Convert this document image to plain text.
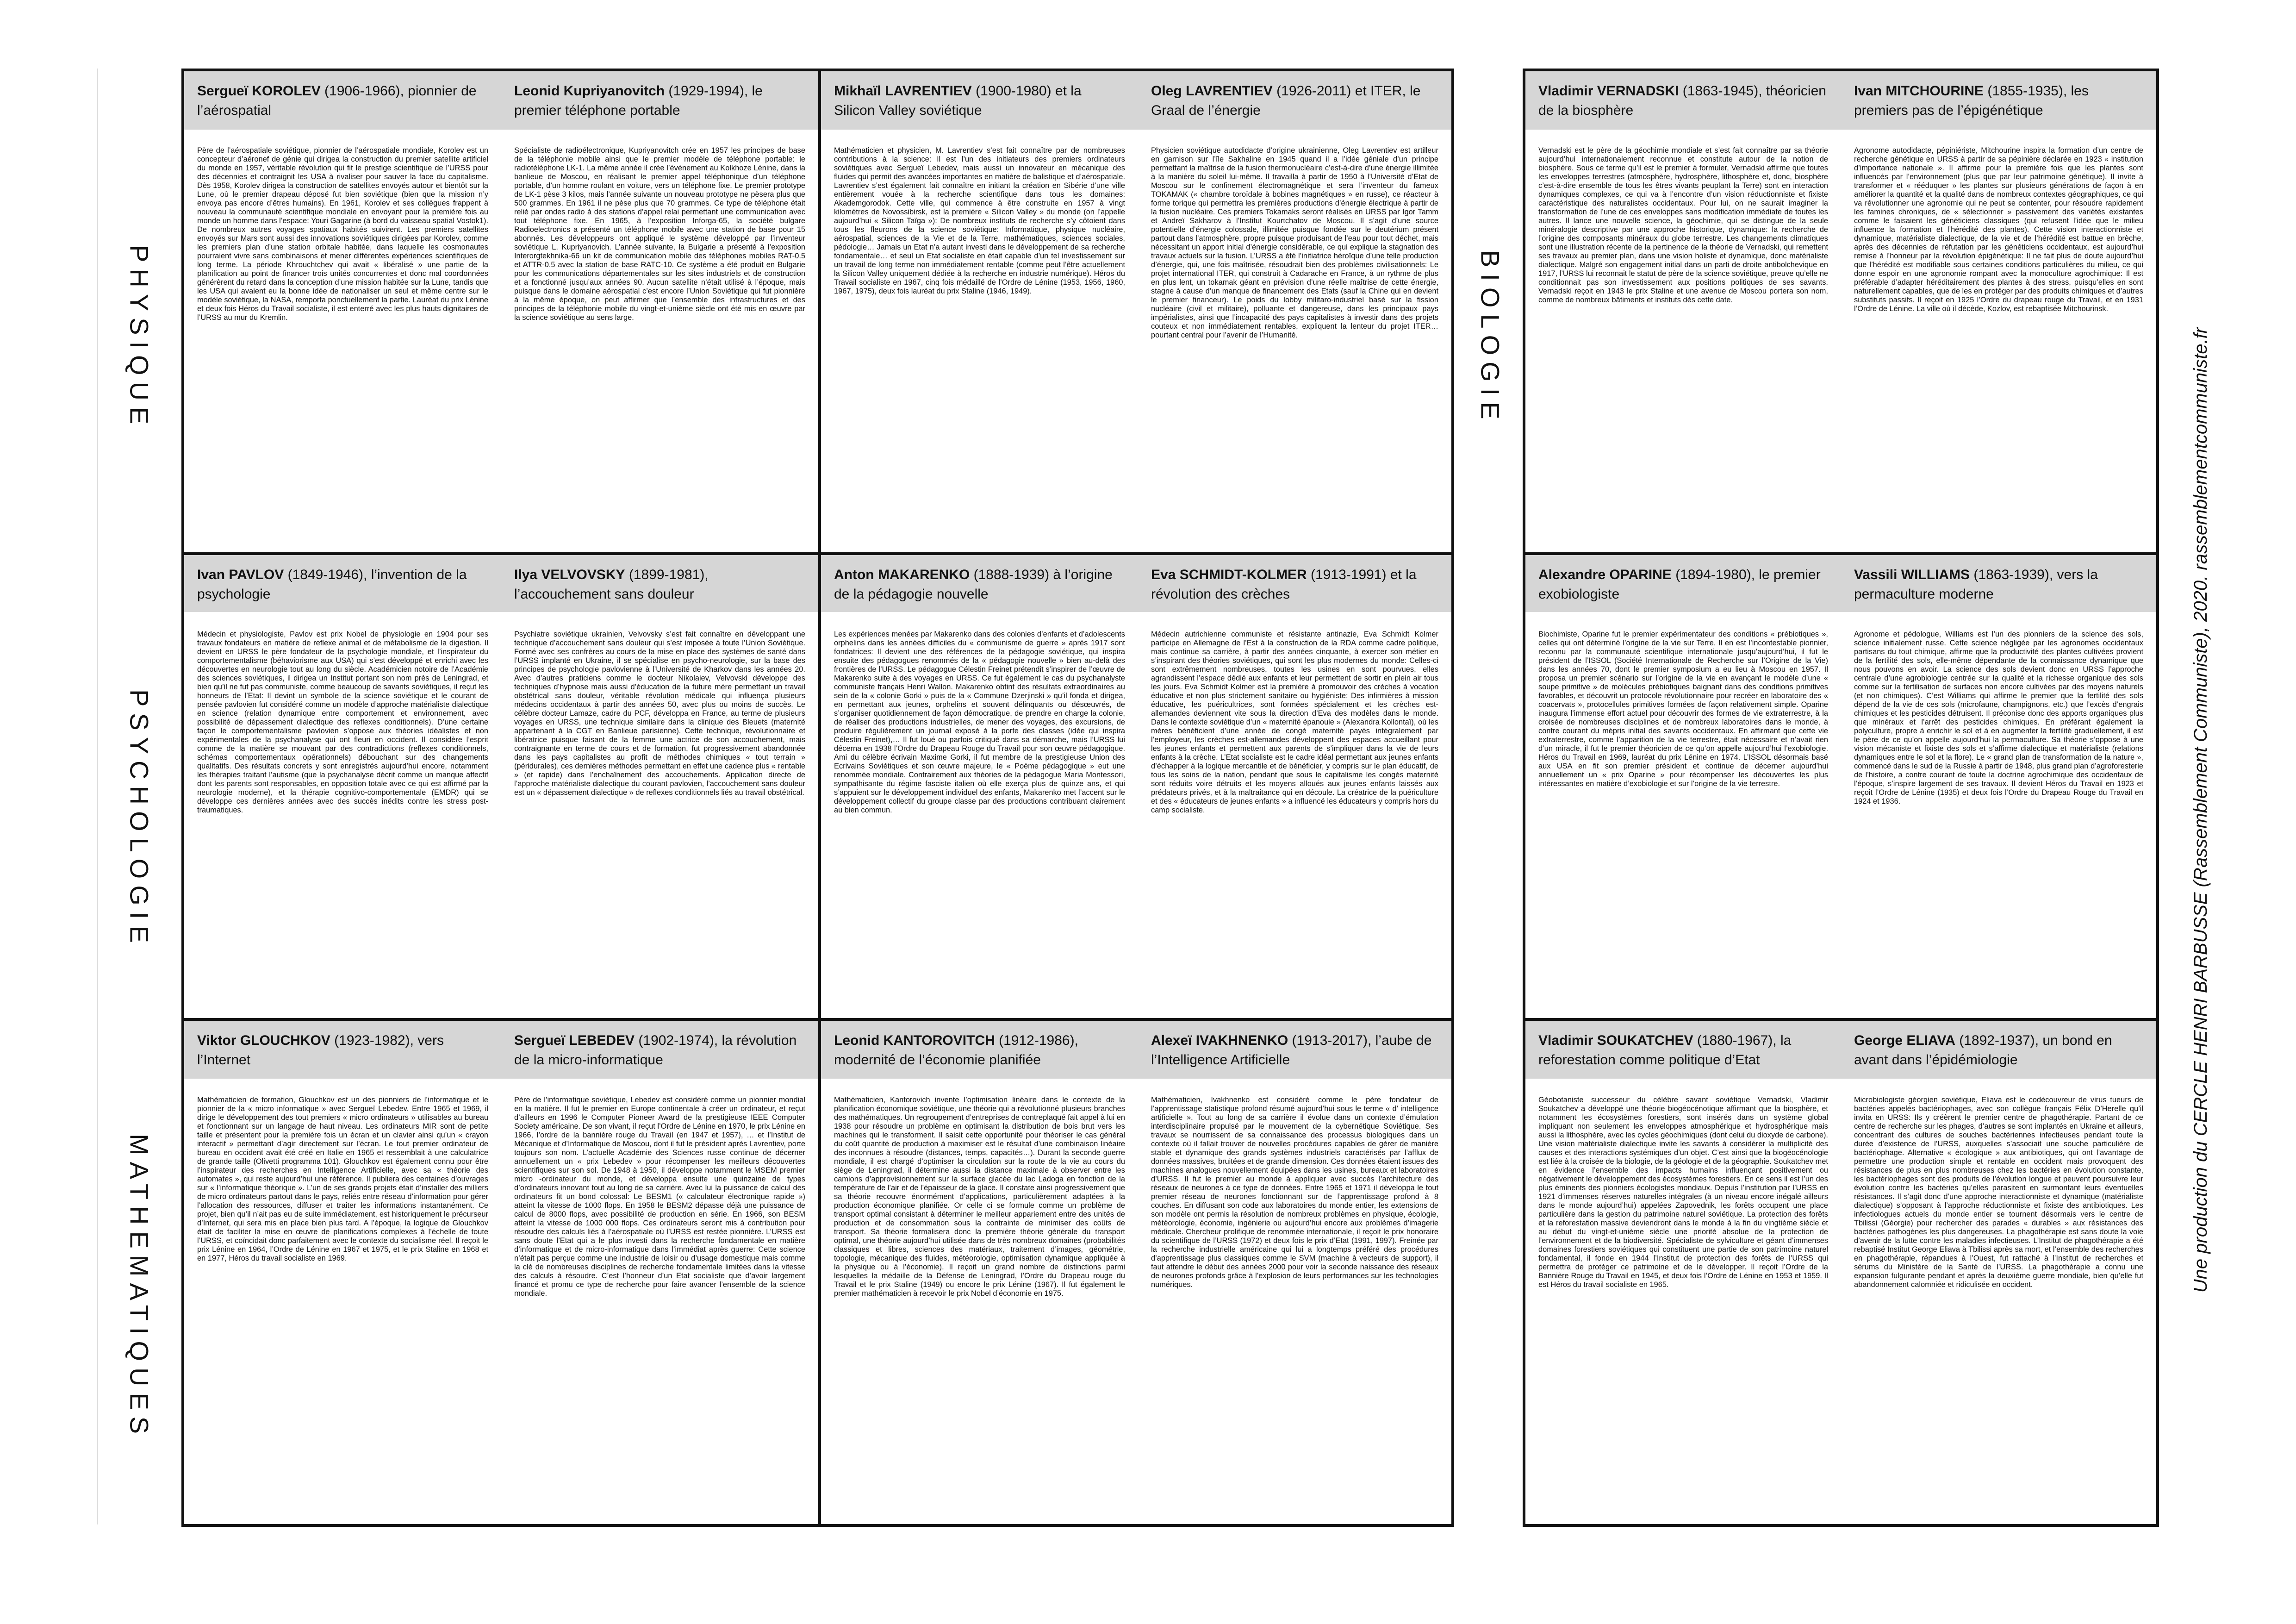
Sergueï KOROLEV (1906-1966), pionnier de l’aérospatial
Père de l’aérospatiale soviétique, pionnier de l’aérospatiale mondiale, Korolev est un concepteur d’aéronef de génie qui dirigea la construction du premier satellite artificiel du monde en 1957, véritable révolution qui fit le prestige scientifique de l’URSS pour des décennies et contraignit les USA à rivaliser pour sauver la face du capitalisme. Dès 1958, Korolev dirigea la construction de satellites envoyés autour et bientôt sur la Lune, où le premier drapeau déposé fut bien soviétique (bien que la mission n’y envoya pas encore d’êtres humains). En 1961, Korolev et ses collègues frappent à nouveau la communauté scientifique mondiale en envoyant pour la première fois au monde un homme dans l’espace: Youri Gagarine (à bord du vaisseau spatial Vostok1). De nombreux autres voyages spatiaux habités suivirent. Les premiers satellites envoyés sur Mars sont aussi des innovations soviétiques dirigées par Korolev, comme les premiers plan d’une station orbitale habitée, dans laquelle les cosmonautes pourraient vivre sans combinaisons et mener différentes expériences scientifiques de long terme. La période Khrouchtchev qui avait « libéralisé » une partie de la planification au point de financer trois unités concurrentes et donc mal coordonnées générèrent du retard dans la conception d’une mission habitée sur la Lune, tandis que les USA qui avaient eu la bonne idée de nationaliser un seul et même centre sur le modèle soviétique, la NASA, remporta ponctuellement la partie. Lauréat du prix Lénine et deux fois Héros du Travail socialiste, il est enterré avec les plus hauts dignitaires de l’URSS au mur du Kremlin.
Leonid Kupriyanovitch (1929-1994), le premier téléphone portable
Spécialiste de radioélectronique, Kupriyanovitch crée en 1957 les principes de base de la téléphonie mobile ainsi que le premier modèle de téléphone portable: le radiotéléphone LK-1. La même année il crée l’événement au Kolkhoze Lénine, dans la banlieue de Moscou, en réalisant le premier appel téléphonique d’un téléphone portable, d’un homme roulant en voiture, vers un téléphone fixe. Le premier prototype de LK-1 pèse 3 kilos, mais l’année suivante un nouveau prototype ne pèsera plus que 500 grammes. En 1961 il ne pèse plus que 70 grammes. Ce type de téléphone était relié par ondes radio à des stations d’appel relai permettant une communication avec tout téléphone fixe. En 1965, à l’exposition Inforga-65, la société bulgare Radioelectronics a présenté un téléphone mobile avec une station de base pour 15 abonnés. Les développeurs ont appliqué le système développé par l’inventeur soviétique L. Kupriyanovich. L’année suivante, la Bulgarie a présenté à l’exposition Interorgtekhnika-66 un kit de communication mobile des téléphones mobiles RAT-0.5 et ATTR-0.5 avec la station de base RATC-10. Ce système a été produit en Bulgarie pour les communications départementales sur les sites industriels et de construction et a fonctionné jusqu’aux années 90. Aucun satellite n’était utilisé à l’époque, mais puisque dans le domaine aérospatial c’est encore l’Union Soviétique qui fut pionnière à la même époque, on peut affirmer que l’ensemble des infrastructures et des principes de la téléphonie mobile du vingt-et-unième siècle ont été mis en œuvre par la science soviétique au sens large.
Mikhaïl LAVRENTIEV (1900-1980) et la Silicon Valley soviétique
Mathématicien et physicien, M. Lavrentiev s’est fait connaître par de nombreuses contributions à la science: Il est l’un des initiateurs des premiers ordinateurs soviétiques avec Sergueï Lebedev, mais aussi un innovateur en mécanique des fluides qui permit des avancées importantes en matière de balistique et d’aérospatiale. Lavrentiev s’est également fait connaître en initiant la création en Sibérie d’une ville entièrement vouée à la recherche scientifique dans tous les domaines: Akademgorodok. Cette ville, qui commence à être construite en 1957 à vingt kilomètres de Novossibirsk, est la première « Silicon Valley » du monde (on l’appelle aujourd’hui « Silicon Taïga »): De nombreux instituts de recherche s’y côtoient dans tous les fleurons de la science soviétique: Informatique, physique nucléaire, aérospatial, sciences de la Vie et de la Terre, mathématiques, sciences sociales, pédologie… Jamais un Etat n’a autant investi dans le développement de sa recherche fondamentale… et seul un Etat socialiste en était capable d’un tel investissement sur un travail de long terme non immédiatement rentable (comme peut l’être actuellement la Silicon Valley uniquement dédiée à la recherche en industrie numérique). Héros du Travail socialiste en 1967, cinq fois médaillé de l’Ordre de Lénine (1953, 1956, 1960, 1967, 1975), deux fois lauréat du prix Staline (1946, 1949).
Oleg LAVRENTIEV (1926-2011) et ITER, le Graal de l’énergie
Physicien soviétique autodidacte d’origine ukrainienne, Oleg Lavrentiev est artilleur en garnison sur l’île Sakhaline en 1945 quand il a l’idée géniale d’un principe permettant la maîtrise de la fusion thermonucléaire c’est-à-dire d’une énergie illimitée à la manière du soleil lui-même. Il travailla à partir de 1950 à l’Université d’Etat de Moscou sur le confinement électromagnétique et sera l’inventeur du fameux TOKAMAK (« chambre toroïdale à bobines magnétiques » en russe), ce réacteur à forme torique qui permettra les premières productions d’énergie électrique à partir de la fusion nucléaire. Ces premiers Tokamaks seront réalisés en URSS par Igor Tamm et Andreï Sakharov à l’Institut Kourtchatov de Moscou. Il s’agit d’une source potentielle d’énergie colossale, illimitée puisque fondée sur le deutérium présent partout dans l’atmosphère, propre puisque produisant de l’eau pour tout déchet, mais nécessitant un apport initial d’énergie considérable, ce qui explique la stagnation des travaux actuels sur la fusion. L’URSS a été l’initiatrice héroïque d’une telle production d’énergie, qui, une fois maîtrisée, résoudrait bien des problèmes civilisationnels: Le projet international ITER, qui construit à Cadarache en France, à un rythme de plus en plus lent, un tokamak géant en prévision d’une réelle maîtrise de cette énergie, stagne à cause d’un manque de financement des Etats (sauf la Chine qui en devient le premier financeur). Le poids du lobby militaro-industriel basé sur la fission nucléaire (civil et militaire), polluante et dangereuse, dans les principaux pays impérialistes, ainsi que l’incapacité des pays capitalistes à investir dans des projets couteux et non immédiatement rentables, expliquent la lenteur du projet ITER… pourtant central pour l’avenir de l’Humanité.
Ivan PAVLOV (1849-1946), l’invention de la psychologie
Médecin et physiologiste, Pavlov est prix Nobel de physiologie en 1904 pour ses travaux fondateurs en matière de reflexe animal et de métabolisme de la digestion. Il devient en URSS le père fondateur de la psychologie mondiale, et l’inspirateur du comportementalisme (béhaviorisme aux USA) qui s’est développé et enrichi avec les découvertes en neurologie tout au long du siècle. Académicien notoire de l’Académie des sciences soviétiques, il dirigea un Institut portant son nom près de Leningrad, et bien qu’il ne fut pas communiste, comme beaucoup de savants soviétiques, il reçut les honneurs de l’Etat: Il devint un symbole de la science soviétique et le courant de pensée pavlovien fut considéré comme un modèle d’approche matérialiste dialectique en science (relation dynamique entre comportement et environnement, avec possibilité de dépassement dialectique des reflexes conditionnels). D’une certaine façon le comportementalisme pavlovien s’oppose aux théories idéalistes et non expérimentales de la psychanalyse qui ont fleuri en occident. Il considère l’esprit comme de la matière se mouvant par des contradictions (reflexes conditionnels, schémas comportementaux opérationnels) débouchant sur des changements qualitatifs. Des résultats concrets y sont enregistrés aujourd’hui encore, notamment les thérapies traitant l’autisme (que la psychanalyse décrit comme un manque affectif dont les parents sont responsables, en opposition totale avec ce qui est affirmé par la neurologie moderne), et la thérapie cognitivo-comportementale (EMDR) qui se développe ces dernières années avec des succès inédits contre les stress post-traumatiques.
Ilya VELVOVSKY (1899-1981), l’accouchement sans douleur
Psychiatre soviétique ukrainien, Velvovsky s’est fait connaître en développant une technique d’accouchement sans douleur qui s’est imposée à toute l’Union Soviétique. Formé avec ses confrères au cours de la mise en place des systèmes de santé dans l’URSS implanté en Ukraine, il se spécialise en psycho-neurologie, sur la base des principes de psychologie pavlovienne à l’Université de Kharkov dans les années 20. Avec d’autres praticiens comme le docteur Nikolaiev, Velvovski développe des techniques d’hypnose mais aussi d’éducation de la future mère permettant un travail obstétrical sans douleur, véritable révolution médicale qui influença plusieurs médecins occidentaux à partir des années 50, avec plus ou moins de succès. Le célèbre docteur Lamaze, cadre du PCF, développa en France, au terme de plusieurs voyages en URSS, une technique similaire dans la clinique des Bleuets (maternité appartenant à la CGT en Banlieue parisienne). Cette technique, révolutionnaire et libératrice puisque faisant de la femme une actrice de son accouchement, mais contraignante en terme de cours et de formation, fut progressivement abandonnée dans les pays capitalistes au profit de méthodes chimiques « tout terrain » (péridurales), ces dernières méthodes permettant en effet une cadence plus « rentable » (et rapide) dans l’enchaînement des accouchements. Application directe de l’approche matérialiste dialectique du courant pavlovien, l’accouchement sans douleur est un « dépassement dialectique » de reflexes conditionnels liés au travail obstétrical.
Anton MAKARENKO (1888-1939) à l’origine de la pédagogie nouvelle
Les expériences menées par Makarenko dans des colonies d’enfants et d’adolescents orphelins dans les années difficiles du « communisme de guerre » après 1917 sont fondatrices: Il devient une des références de la pédagogie soviétique, qui inspira ensuite des pédagogues renommés de la « pédagogie nouvelle » bien au-delà des frontières de l’URSS. Le pédagogue Célestin Freinet prétendit s’inspirer de l’œuvre de Makarenko suite à des voyages en URSS. Ce fut également le cas du psychanalyste communiste français Henri Wallon. Makarenko obtint des résultats extraordinaires au sein de la « colonie Gorki » puis de la « Commune Dzerjinski » qu’il fonda et dirigea, en permettant aux jeunes, orphelins et souvent délinquants ou désœuvrés, de s’organiser quotidiennement de façon démocratique, de prendre en charge la colonie, de réaliser des productions industrielles, de mener des voyages, des excursions, de produire régulièrement un journal exposé à la porte des classes (idée qui inspira Célestin Freinet),… Il fut loué ou parfois critiqué dans sa démarche, mais l’URSS lui décerna en 1938 l’Ordre du Drapeau Rouge du Travail pour son œuvre pédagogique. Ami du célèbre écrivain Maxime Gorki, il fut membre de la prestigieuse Union des Ecrivains Soviétiques et son œuvre majeure, le « Poème pédagogique » eut une renommée mondiale. Contrairement aux théories de la pédagogue Maria Montessori, sympathisante du régime fasciste italien où elle exerça plus de quinze ans, et qui s’appuient sur le développement individuel des enfants, Makarenko met l’accent sur le développement collectif du groupe classe par des productions contribuant clairement au bien commun.
Eva SCHMIDT-KOLMER (1913-1991) et la révolution des crèches
Médecin autrichienne communiste et résistante antinazie, Eva Schmidt Kolmer participe en Allemagne de l’Est à la construction de la RDA comme cadre politique, mais continue sa carrière, à partir des années cinquante, à exercer son métier en s’inspirant des théories soviétiques, qui sont les plus modernes du monde: Celles-ci sont extrêmement nombreuses, toutes les usines en sont pourvues, elles agrandissent l’espace dédié aux enfants et leur permettent de sortir en plein air tous les jours. Eva Schmidt Kolmer est la première à promouvoir des crèches à vocation éducative et non plus strictement sanitaire ou hygiéniste: Des infirmières à mission éducative, les puéricultrices, sont formées spécialement et les crèches est-allemandes deviennent vite sous la direction d’Eva des modèles dans le monde. Dans le contexte soviétique d’un « maternité épanouie » (Alexandra Kollontaï), où les mères bénéficient d’une année de congé maternité payés intégralement par l’employeur, les crèches est-allemandes développent des espaces accueillant pour les jeunes enfants et permettent aux parents de s’impliquer dans la vie de leurs enfants à la crèche. L’Etat socialiste est le cadre idéal permettant aux jeunes enfants d’échapper à la logique mercantile et de bénéficier, y compris sur le plan éducatif, de tous les soins de la nation, pendant que sous le capitalisme les congés maternité sont réduits voire détruits et les moyens alloués aux jeunes enfants laissés aux prédateurs privés, et à la maltraitance qui en découle. La créatrice de la puériculture et des « éducateurs de jeunes enfants » a influencé les éducateurs y compris hors du camp socialiste.
Viktor GLOUCHKOV (1923-1982), vers l’Internet
Mathématicien de formation, Glouchkov est un des pionniers de l’informatique et le pionnier de la « micro informatique » avec Sergueï Lebedev. Entre 1965 et 1969, il dirige le développement des tout premiers « micro ordinateurs » utilisables au bureau et fonctionnant sur un langage de haut niveau. Les ordinateurs MIR sont de petite taille et présentent pour la première fois un écran et un clavier ainsi qu’un « crayon interactif » permettant d’agir directement sur l’écran. Le tout premier ordinateur de bureau en occident avait été créé en Italie en 1965 et ressemblait à une calculatrice de grande taille (Olivetti programma 101). Glouchkov est également connu pour être l’inspirateur des recherches en Intelligence Artificielle, avec sa « théorie des automates », qui reste aujourd’hui une référence. Il publiera des centaines d’ouvrages sur « l’informatique théorique ». L’un de ses grands projets était d’installer des milliers de micro ordinateurs partout dans le pays, reliés entre réseau d’information pour gérer l’allocation des ressources, diffuser et traiter les informations instantanément. Ce projet, bien qu’il n’ait pas eu de suite immédiatement, est historiquement le précurseur d’Internet, qui sera mis en place bien plus tard. A l’époque, la logique de Glouchkov était de faciliter la mise en œuvre de planifications complexes à l’échelle de toute l’URSS, et coïncidait donc parfaitement avec le contexte du socialisme réel. Il reçoit le prix Lénine en 1964, l’Ordre de Lénine en 1967 et 1975, et le prix Staline en 1968 et en 1977, Héros du travail socialiste en 1969.
Sergueï LEBEDEV (1902-1974), la révolution de la micro-informatique
Père de l’informatique soviétique, Lebedev est considéré comme un pionnier mondial en la matière. Il fut le premier en Europe continentale à créer un ordinateur, et reçut d’ailleurs en 1996 le Computer Pioneer Award de la prestigieuse IEEE Computer Society américaine. De son vivant, il reçut l’Ordre de Lénine en 1970, le prix Lénine en 1966, l’ordre de la bannière rouge du Travail (en 1947 et 1957), … et l’Institut de Mécanique et d’Informatique de Moscou, dont il fut le président après Lavrentiev, porte toujours son nom. L’actuelle Académie des Sciences russe continue de décerner annuellement un « prix Lebedev » pour récompenser les meilleurs découvertes scientifiques sur son sol. De 1948 à 1950, il développe notamment le MSEM premier micro -ordinateur du monde, et développa ensuite une quinzaine de types d’ordinateurs innovant tout au long de sa carrière. Avec lui la puissance de calcul des ordinateurs fit un bond colossal: Le BESM1 (« calculateur électronique rapide ») atteint la vitesse de 1000 flops. En 1958 le BESM2 dépasse déjà une puissance de calcul de 8000 flops, avec possibilité de production en série. En 1966, son BESM atteint la vitesse de 1000 000 flops. Ces ordinateurs seront mis à contribution pour résoudre des calculs liés à l’aérospatiale où l’URSS est restée pionnière. L’URSS est sans doute l’Etat qui a le plus investi dans la recherche fondamentale en matière d’informatique et de micro-informatique dans l’immédiat après guerre: Cette science n’était pas perçue comme une industrie de loisir ou d’usage domestique mais comme la clé de nombreuses disciplines de recherche fondamentale limitées dans la vitesse des calculs à résoudre. C’est l’honneur d’un Etat socialiste que d’avoir largement financé et promu ce type de recherche pour faire avancer l’ensemble de la science mondiale.
Leonid KANTOROVITCH (1912-1986), modernité de l’économie planifiée
Mathématicien, Kantorovich invente l’optimisation linéaire dans le contexte de la planification économique soviétique, une théorie qui a révolutionné plusieurs branches des mathématiques. Un regroupement d’entreprises de contreplaqué fait appel à lui en 1938 pour résoudre un problème en optimisant la distribution de bois brut vers les machines qui le transforment. Il saisit cette opportunité pour théoriser le cas général du coût quantité de production à maximiser est le résultat d’une combinaison linéaire des inconnues à résoudre (distances, temps, capacités…). Durant la seconde guerre mondiale, il est chargé d’optimiser la circulation sur la route de la vie au cours du siège de Leningrad, il détermine aussi la distance maximale à observer entre les camions d’approvisionnement sur la surface glacée du lac Ladoga en fonction de la température de l’air et de l’épaisseur de la glace. Il constate ainsi progressivement que sa théorie recouvre énormément d’applications, particulièrement adaptées à la production économique planifiée. Or celle ci se formule comme un problème de transport optimal consistant à déterminer le meilleur appariement entre des unités de production et de consommation sous la contrainte de minimiser des coûts de transport. Sa théorie formalisera donc la première théorie générale du transport optimal, une théorie aujourd’hui utilisée dans de très nombreux domaines (probabilités classiques et libres, sciences des matériaux, traitement d’images, géométrie, topologie, mécanique des fluides, météorologie, optimisation dynamique appliquée à la physique ou à l’économie). Il reçoit un grand nombre de distinctions parmi lesquelles la médaille de la Défense de Leningrad, l’Ordre du Drapeau rouge du Travail et le prix Staline (1949) ou encore le prix Lénine (1967). Il fut également le premier mathématicien à recevoir le prix Nobel d’économie en 1975.
Alexeï IVAKHNENKO (1913-2017), l’aube de l’Intelligence Artificielle
Mathématicien, Ivakhnenko est considéré comme le père fondateur de l’apprentissage statistique profond résumé aujourd’hui sous le terme « d’ intelligence artificielle ». Tout au long de sa carrière il évolue dans un contexte d’émulation interdisciplinaire propulsé par le mouvement de la cybernétique Soviétique. Ses travaux se nourrissent de sa connaissance des processus biologiques dans un contexte où il fallait trouver de nouvelles procédures capables de gérer de manière stable et dynamique des grands systèmes industriels caractérisés par l’afflux de données massives, bruitées et de grande dimension. Ces données étaient issues des machines analogues nouvellement équipées dans les usines, bureaux et laboratoires d’URSS. Il fut le premier au monde à appliquer avec succès l’architecture des réseaux de neurones à ce type de données. Entre 1965 et 1971 il développa le tout premier réseau de neurones fonctionnant sur de l’apprentissage profond à 8 couches. En diffusant son code aux laboratoires du monde entier, les extensions de son modèle ont permis la résolution de nombreux problèmes en physique, écologie, météorologie, économie, ingénierie ou aujourd’hui encore aux problèmes d’imagerie médicale. Chercheur prolifique de renommée internationale, il reçoit le prix honoraire du scientifique de l’URSS (1972) et deux fois le prix d’Etat (1991, 1997). Freinée par la recherche industrielle américaine qui lui a longtemps préféré des procédures d’apprentissage plus classiques comme le SVM (machine à vecteurs de support), il faut attendre le début des années 2000 pour voir la seconde naissance des réseaux de neurones profonds grâce à l’explosion de leurs performances sur les technologies numériques.
PHYSIQUE
PSYCHOLOGIE
MATHEMATIQUES
Vladimir VERNADSKI (1863-1945), théoricien de la biosphère
Vernadski est le père de la géochimie mondiale et s’est fait connaître par sa théorie aujourd’hui internationalement reconnue et constitute autour de la notion de biosphère. Sous ce terme qu’il est le premier à formuler, Vernadski affirme que toutes les enveloppes terrestres (atmosphère, hydrosphère, lithosphère et, donc, biosphère c’est-à-dire ensemble de tous les êtres vivants peuplant la Terre) sont en interaction dynamiques complexes, ce qui va à l’encontre d’un vision réductionniste et fixiste caractéristique des naturalistes occidentaux. Pour lui, on ne saurait imaginer la transformation de l’une de ces enveloppes sans modification immédiate de toutes les autres. Il lance une nouvelle science, la géochimie, qui se distingue de la seule minéralogie descriptive par une approche historique, dynamique: la recherche de l’origine des composants minéraux du globe terrestre. Les changements climatiques sont une illustration récente de la pertinence de la théorie de Vernadski, qui remettent ses travaux au premier plan, dans une vision holiste et dynamique, donc matérialiste dialectique. Malgré son engagement initial dans un parti de droite antibolchevique en 1917, l’URSS lui reconnait le statut de père de la science soviétique, preuve qu’elle ne conditionnait pas son investissement aux positions politiques de ses savants. Vernadski reçoit en 1943 le prix Staline et une avenue de Moscou portera son nom, comme de nombreux bâtiments et instituts dès cette date.
Ivan MITCHOURINE (1855-1935), les premiers pas de l’épigénétique
Agronome autodidacte, pépiniériste, Mitchourine inspira la formation d’un centre de recherche génétique en URSS à partir de sa pépinière déclarée en 1923 « institution d’importance nationale ». Il affirme pour la première fois que les plantes sont influencés par l’environnement (plus que par leur patrimoine génétique). Il invite à transformer et « rééduquer » les plantes sur plusieurs générations de façon à en améliorer la quantité et la qualité dans de nombreux contextes géographiques, ce qui va révolutionner une agronomie qui ne peut se contenter, pour résoudre rapidement les famines chroniques, de « sélectionner » passivement des variétés existantes comme le faisaient les généticiens classiques (qui refusent l’idée que le milieu influence la formation et l’hérédité des plantes). Cette vision interactionniste et dynamique, matérialiste dialectique, de la vie et de l’hérédité est battue en brèche, après des décennies de réfutation par les généticiens occidentaux, est aujourd’hui remise à l’honneur par la révolution épigénétique: Il ne fait plus de doute aujourd’hui que l’hérédité est modifiable sous certaines conditions particulières du milieu, ce qui donne espoir en une agronomie rompant avec la monoculture agrochimique: Il est préférable d’adapter héréditairement des plantes à des stress, puisqu’elles en sont naturellement capables, que de les en protéger par des produits chimiques et d’autres substituts passifs. Il reçoit en 1925 l’Ordre du drapeau rouge du Travail, et en 1931 l’Ordre de Lénine. La ville où il décède, Kozlov, est rebaptisée Mitchourinsk.
Alexandre OPARINE (1894-1980), le premier exobiologiste
Biochimiste, Oparine fut le premier expérimentateur des conditions « prébiotiques », celles qui ont déterminé l’origine de la vie sur Terre. Il en est l’incontestable pionnier, reconnu par la communauté scientifique internationale jusqu’aujourd’hui, il fut le président de l’ISSOL (Société Internationale de Recherche sur l’Origine de la Vie) dans les années 70, dont le premier symposium a eu lieu à Moscou en 1957. Il proposa un premier scénario sur l’origine de la vie en avançant le modèle d’une « soupe primitive » de molécules prébiotiques baignant dans des conditions primitives favorables, et découvrit un protocole révolutionnaire pour recréer en laboratoire des « coacervats », protocellules primitives formées de façon relativement simple. Oparine inaugura l’immense effort actuel pour découvrir des formes de vie extraterrestre, à la croisée de nombreuses disciplines et de nombreux laboratoires dans le monde, à contre courant du mépris initial des savants occidentaux. En affirmant que cette vie extraterrestre, comme l’apparition de la vie terrestre, était nécessaire et n’avait rien d’un miracle, il fut le premier théoricien de ce qu’on appelle aujourd’hui l’exobiologie. Héros du Travail en 1969, lauréat du prix Lénine en 1974. L’ISSOL désormais basé aux USA en fit son premier président et continue de décerner aujourd’hui annuellement un « prix Oparine » pour récompenser les découvertes les plus intéressantes en matière d’exobiologie et sur l’origine de la vie terrestre.
Vassili WILLIAMS (1863-1939), vers la permaculture moderne
Agronome et pédologue, Williams est l’un des pionniers de la science des sols, science initialement russe. Cette science négligée par les agronomes occidentaux partisans du tout chimique, affirme que la productivité des plantes cultivées provient de la fertilité des sols, elle-même dépendante de la connaissance dynamique que nous pouvons en avoir. La science des sols devient donc en URSS l’approche centrale d’une agrobiologie centrée sur la qualité et la richesse organique des sols comme sur la fertilisation de surfaces non encore cultivées par des moyens naturels (et non chimiques). C’est Williams qui affirme le premier que la fertilité des sols dépend de la vie de ces sols (microfaune, champignons, etc.) que l’excès d’engrais chimiques et les pesticides détruisent. Il préconise donc des apports organiques plus que minéraux et l’arrêt des pesticides chimiques. En préférant également la polyculture, propre à enrichir le sol et à en augmenter la fertilité graduellement, il est le père de ce qu’on appelle aujourd’hui la permaculture. Sa théorie s’oppose à une vision mécaniste et fixiste des sols et s’affirme dialectique et matérialiste (relations dynamiques entre le sol et la flore). Le « grand plan de transformation de la nature », commencé dans le sud de la Russie à partir de 1948, plus grand plan d’agroforesterie de l’histoire, a contre courant de toute la doctrine agrochimique des occidentaux de l’époque, s’inspire largement de ses travaux. Il devient Héros du Travail en 1923 et reçoit l’Ordre de Lénine (1935) et deux fois l’Ordre du Drapeau Rouge du Travail en 1924 et 1936.
Vladimir SOUKATCHEV (1880-1967), la reforestation comme politique d’Etat
Géobotaniste successeur du célèbre savant soviétique Vernadski, Vladimir Soukatchev a développé une théorie biogéocénotique affirmant que la biosphère, et notamment les écosystèmes forestiers, sont insérés dans un système global impliquant non seulement les enveloppes atmosphérique et hydrosphérique mais aussi la lithosphère, avec les cycles géochimiques (dont celui du dioxyde de carbone). Une vision matérialiste dialectique invite les savants à considérer la multiplicité des causes et des interactions systémiques d’un objet. C’est ainsi que la biogéocénologie est liée à la croisée de la biologie, de la géologie et de la géographie. Soukatchev met en évidence l’ensemble des impacts humains influençant positivement ou négativement le développement des écosystèmes forestiers. En ce sens il est l’un des plus éminents des pionniers écologistes mondiaux. Depuis l’institution par l’URSS en 1921 d’immenses réserves naturelles intégrales (à un niveau encore inégalé ailleurs dans le monde aujourd’hui) appelées Zapovednik, les forêts occupent une place particulière dans la gestion du patrimoine naturel soviétique. La protection des forêts et la reforestation massive deviendront dans le monde à la fin du vingtième siècle et au début du vingt-et-unième siècle une priorité absolue de la protection de l’environnement et de la biodiversité. Spécialiste de sylviculture et géant d’immenses domaines forestiers soviétiques qui constituent une partie de son patrimoine naturel fondamental, il fonde en 1944 l’Institut de protection des forêts de l’URSS qui permettra de protéger ce patrimoine et de le développer. Il reçoit l’Ordre de la Bannière Rouge du Travail en 1945, et deux fois l’Ordre de Lénine en 1953 et 1959. Il est Héros du travail socialiste en 1965.
George ELIAVA (1892-1937), un bond en avant dans l’épidémiologie
Microbiologiste géorgien soviétique, Eliava est le codécouvreur de virus tueurs de bactéries appelés bactériophages, avec son collègue français Félix D’Herelle qu’il invita en URSS: Ils y créèrent le premier centre de phagothérapie. Partant de ce centre de recherche sur les phages, d’autres se sont implantés en Ukraine et ailleurs, concentrant des cultures de souches bactériennes infectieuses pendant toute la durée d’existence de l’URSS, auxquelles s’associait une souche particulière de bactériophage. Alternative « écologique » aux antibiotiques, qui ont l’avantage de permettre une production simple et rentable en occident mais provoquent des résistances de plus en plus nombreuses chez les bactéries en évolution constante, les bactériophages sont des produits de l’évolution longue et peuvent poursuivre leur évolution contre les bactéries qu’elles parasitent en surmontant leurs éventuelles résistances. Il s’agit donc d’une approche interactionniste et dynamique (matérialiste dialectique) s’opposant à l’approche réductionniste et fixiste des antibiotiques. Les infectiologues actuels du monde entier se tournent désormais vers le centre de Tbilissi (Géorgie) pour rechercher des parades « durables » aux résistances des bactéries pathogènes les plus dangereuses. La phagothérapie est sans doute la voie d’avenir de la lutte contre les maladies infectieuses. L’Institut de phagothérapie a été rebaptisé Institut George Eliava à Tbilissi après sa mort, et l’ensemble des recherches en phagothérapie, répandues à l’Ouest, fut rattaché à l’Institut de recherches et sérums du Ministère de la Santé de l’URSS. La phagothérapie a connu une expansion fulgurante pendant et après la deuxième guerre mondiale, bien qu’elle fut abandonnement calomniée et ridiculisée en occident.
BIOLOGIE	Une production du CERCLE HENRI BARBUSSE (Rassemblement Communiste), 2020. rassemblementcommuniste.fr
